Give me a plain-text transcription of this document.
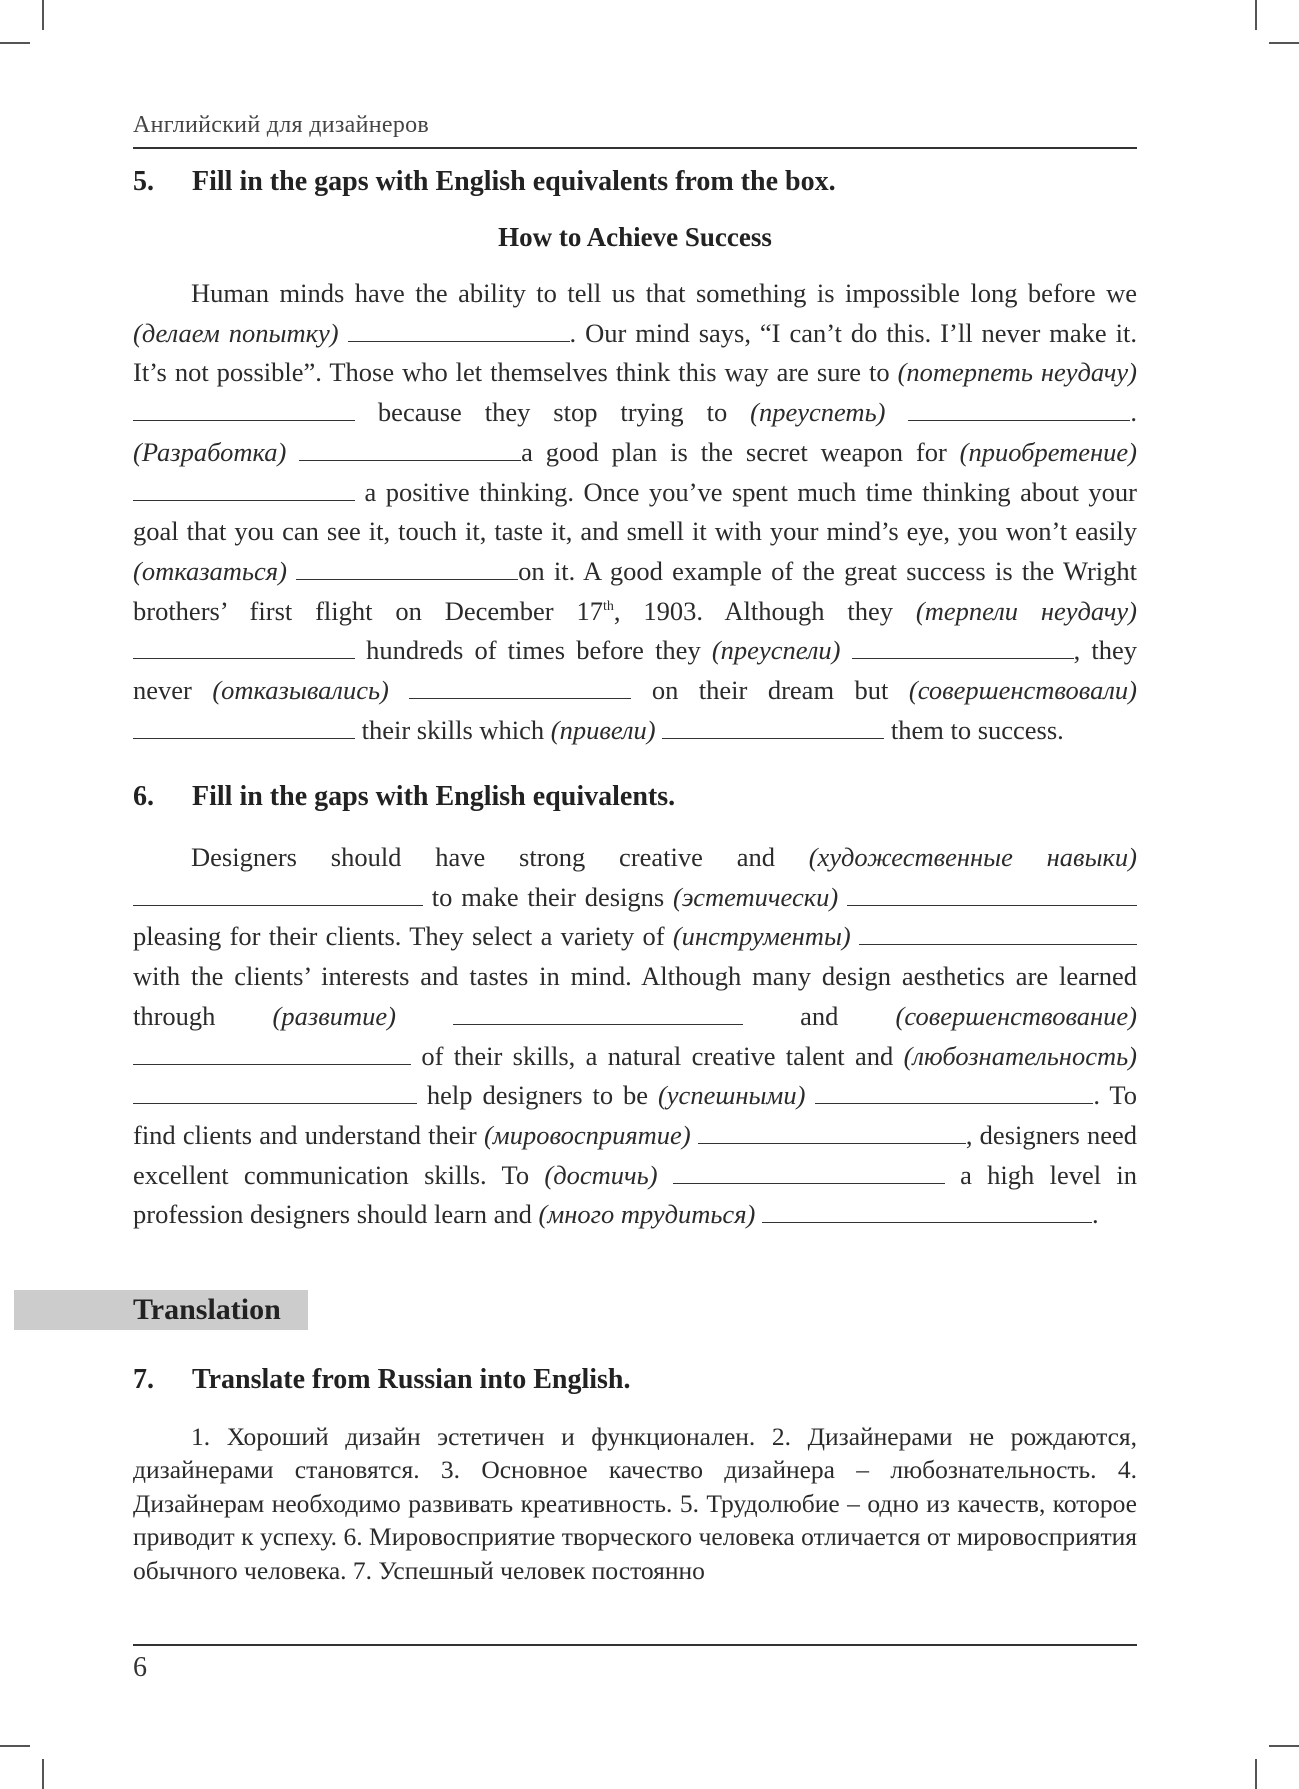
Английский для дизайнеров
5. Fill in the gaps with English equivalents from the box.
How to Achieve Success

Human minds have the ability to tell us that something is impossible long before we (делаем попытку)	. Our mind says, “I can’t do this. I’ll never make it. It’s not possible”. Those who let themselves think this way are sure to (потерпеть неудачу)  because they stop trying to (преуспеть)	. (Разработка)	a good plan is the secret weapon for (приобретение)  a positive thinking. Once you’ve spent much time thinking about your goal that you can see it, touch it, taste it, and smell it with your mind’s eye, you won’t easily (отказаться)	on it. A good example of the great success is the Wright brothers’ first flight on December 17th, 1903. Although they (терпели неудачу)  hundreds of times before they (преуспели)	, they never (отказывались)	on their dream but (совершенствовали)  their skills which (привели)	them to success.

6. Fill in the gaps with English equivalents.

Designers should have strong creative and (художественные навыки)  to make their designs (эстетически)  pleasing for their clients. They select a variety of (инструменты)  with the clients’ interests and tastes in mind. Although many design aesthetics are learned through (развитие)	and (совершенствование)  of their skills, a natural creative talent and (любознательность)  help designers to be (успешными)	. To find clients and understand their (мировосприятие)	, designers need excellent communication skills. To (достичь)	a high level in profession designers should learn and (много трудиться)	.

Translation
7. Translate from Russian into English.

1. Хороший дизайн эстетичен и функционален. 2. Дизайнерами не рождаются, дизайнерами становятся. 3. Основное качество дизайнера – любознательность. 4. Дизайнерам необходимо развивать креативность. 5. Трудолюбие – одно из качеств, которое приводит к успеху. 6. Мировосприятие творческого человека отличается от мировосприятия обычного человека. 7. Успешный человек постоянно

6
